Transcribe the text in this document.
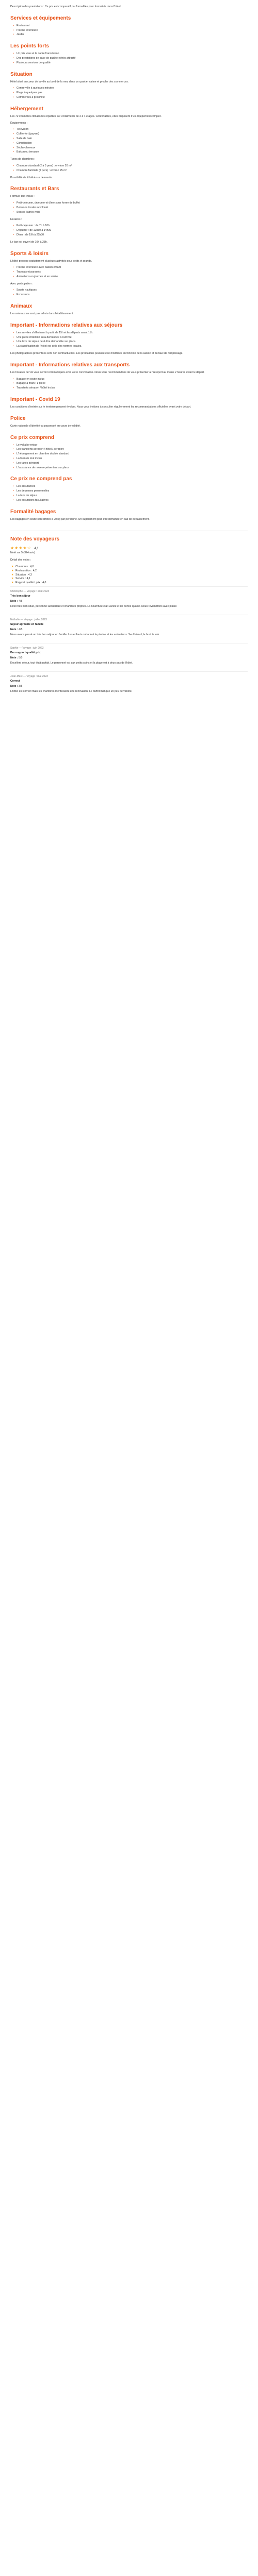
Description des prestations : Ce prix est comparatif par formalités pour formalités dans l'hôtel.

Services et équipements
• Restaurant
• Piscine extérieure
• Jardin
Les points forts
• Un prix vous et le cadre francéssion
• Des prestations de base de qualité et très attractif
• Plusieurs services de qualité
Situation

Hôtel situé au coeur de la ville au bord de la mer, dans un quartier calme et proche des commerces.

• Centre-ville à quelques minutes
• Plage à quelques pas
• Commerces à proximité
Hébergement

Les 72 chambres climatisées réparties sur 3 bâtiments de 2 à 4 étages. Confortables, elles disposent d'un équipement complet.

Équipements :

• Télévision
• Coffre-fort (payant)
• Salle de bain
• Climatisation
• Sèche-cheveux
• Balcon ou terrasse

Types de chambres :

• Chambre standard (2 à 3 pers) : environ 20 m²
• Chambre familiale (4 pers) : environ 25 m²

Possibilité de lit bébé sur demande.

Restaurants et Bars

Formule tout inclus :

• Petit-déjeuner, déjeuner et dîner sous forme de buffet
• Boissons locales à volonté
• Snacks l'après-midi

Horaires :

• Petit-déjeuner : de 7h à 10h
• Déjeuner : de 12h30 à 14h30
• Dîner : de 19h à 21h30

Le bar est ouvert de 10h à 23h.

Sports & loisirs

L'hôtel propose gratuitement plusieurs activités pour petits et grands.

• Piscine extérieure avec bassin enfant
• Transats et parasols
• Animations en journée et en soirée

Avec participation :

• Sports nautiques
• Excursions
Animaux

Les animaux ne sont pas admis dans l'établissement.

Important - Informations relatives aux séjours
• Les arrivées s'effectuent à partir de 15h et les départs avant 11h.
• Une pièce d'identité sera demandée à l'arrivée.
• Une taxe de séjour peut être demandée sur place.
• La classification de l'hôtel est celle des normes locales.

Les photographies présentées sont non contractuelles. Les prestations peuvent être modifiées en fonction de la saison et du taux de remplissage.

Important - Informations relatives aux transports

Les horaires de vol vous seront communiqués avec votre convocation. Nous vous recommandons de vous présenter à l'aéroport au moins 2 heures avant le départ.

• Bagage en soute inclus
• Bagage à main : 1 pièce
• Transferts aéroport / hôtel inclus
Important - Covid 19

Les conditions d'entrée sur le territoire peuvent évoluer. Nous vous invitons à consulter régulièrement les recommandations officielles avant votre départ.

Police

Carte nationale d'identité ou passeport en cours de validité.

Ce prix comprend
• Le vol aller-retour
• Les transferts aéroport / hôtel / aéroport
• L'hébergement en chambre double standard
• La formule tout inclus
• Les taxes aéroport
• L'assistance de notre représentant sur place
Ce prix ne comprend pas
• Les assurances
• Les dépenses personnelles
• La taxe de séjour
• Les excursions facultatives
Formalité bagages

Les bagages en soute sont limités à 20 kg par personne. Un supplément peut être demandé en cas de dépassement.

Note des voyageurs
★★★★☆ 4,1
Noté sur 5 (324 avis)

Détail des notes :

★ Chambres : 4,0
★ Restauration : 4,2
★ Situation : 4,3
★ Service : 4,1
★ Rapport qualité / prix : 4,0
Christophe — Voyage : août 2023
Très bon séjour
Note : 4/5

Hôtel très bien situé, personnel accueillant et chambres propres. La nourriture était variée et de bonne qualité. Nous reviendrons avec plaisir.

Nathalie — Voyage : juillet 2023
Séjour agréable en famille
Note : 4/5

Nous avons passé un très bon séjour en famille. Les enfants ont adoré la piscine et les animations. Seul bémol, le bruit le soir.

Sophie — Voyage : juin 2023
Bon rapport qualité prix
Note : 5/5

Excellent séjour, tout était parfait. Le personnel est aux petits soins et la plage est à deux pas de l'hôtel.

Jean-Marc — Voyage : mai 2023
Correct
Note : 3/5

L'hôtel est correct mais les chambres mériteraient une rénovation. Le buffet manque un peu de variété.
